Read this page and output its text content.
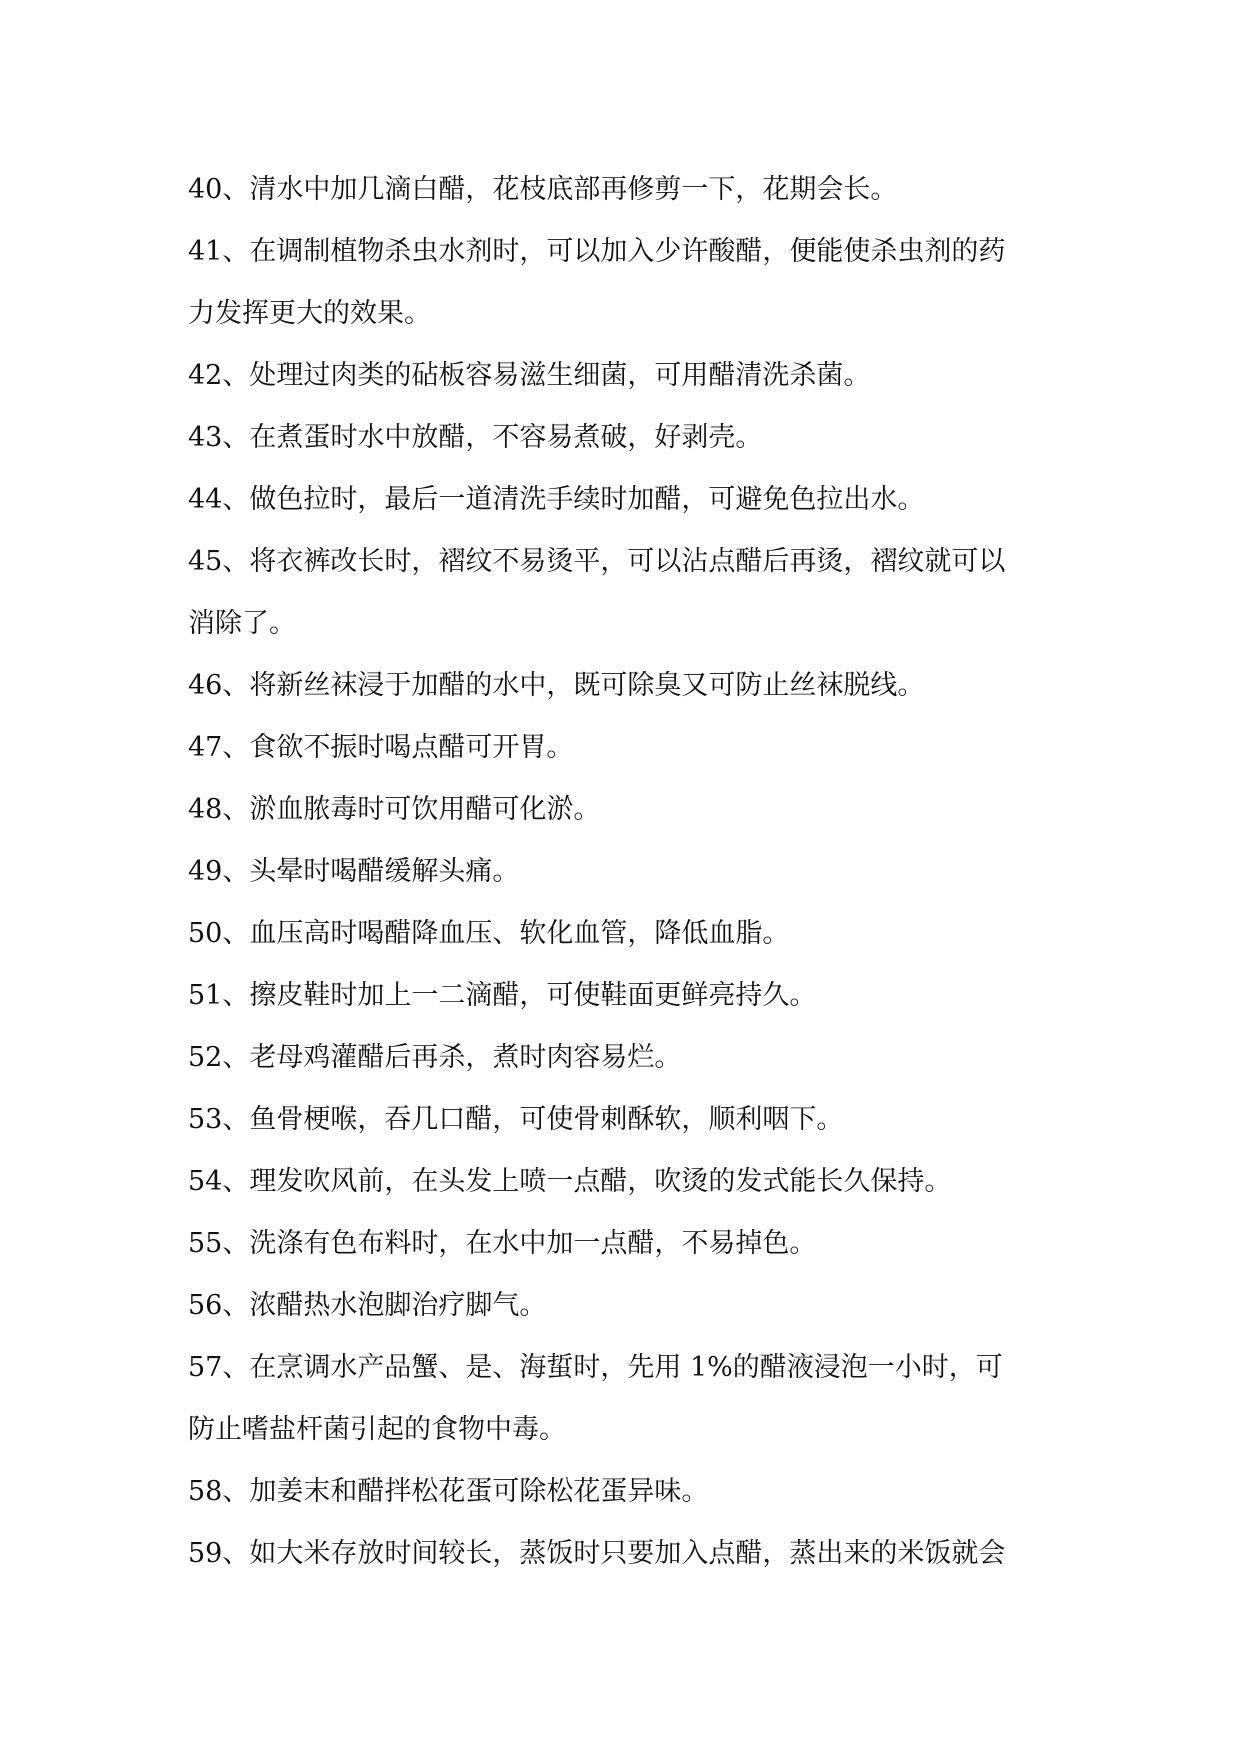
40、清水中加几滴白醋，花枝底部再修剪一下，花期会长。
41、在调制植物杀虫水剂时，可以加入少许酸醋，便能使杀虫剂的药
力发挥更大的效果。
42、处理过肉类的砧板容易滋生细菌，可用醋清洗杀菌。
43、在煮蛋时水中放醋，不容易煮破，好剥壳。
44、做色拉时，最后一道清洗手续时加醋，可避免色拉出水。
45、将衣裤改长时，褶纹不易烫平，可以沾点醋后再烫，褶纹就可以
消除了。
46、将新丝袜浸于加醋的水中，既可除臭又可防止丝袜脱线。
47、食欲不振时喝点醋可开胃。
48、淤血脓毒时可饮用醋可化淤。
49、头晕时喝醋缓解头痛。
50、血压高时喝醋降血压、软化血管，降低血脂。
51、擦皮鞋时加上一二滴醋，可使鞋面更鲜亮持久。
52、老母鸡灌醋后再杀，煮时肉容易烂。
53、鱼骨梗喉，吞几口醋，可使骨刺酥软，顺利咽下。
54、理发吹风前，在头发上喷一点醋，吹烫的发式能长久保持。
55、洗涤有色布料时，在水中加一点醋，不易掉色。
56、浓醋热水泡脚治疗脚气。
57、在烹调水产品蟹、是、海蜇时，先用 1%的醋液浸泡一小时，可
防止嗜盐杆菌引起的食物中毒。
58、加姜末和醋拌松花蛋可除松花蛋异味。
59、如大米存放时间较长，蒸饭时只要加入点醋，蒸出来的米饭就会
